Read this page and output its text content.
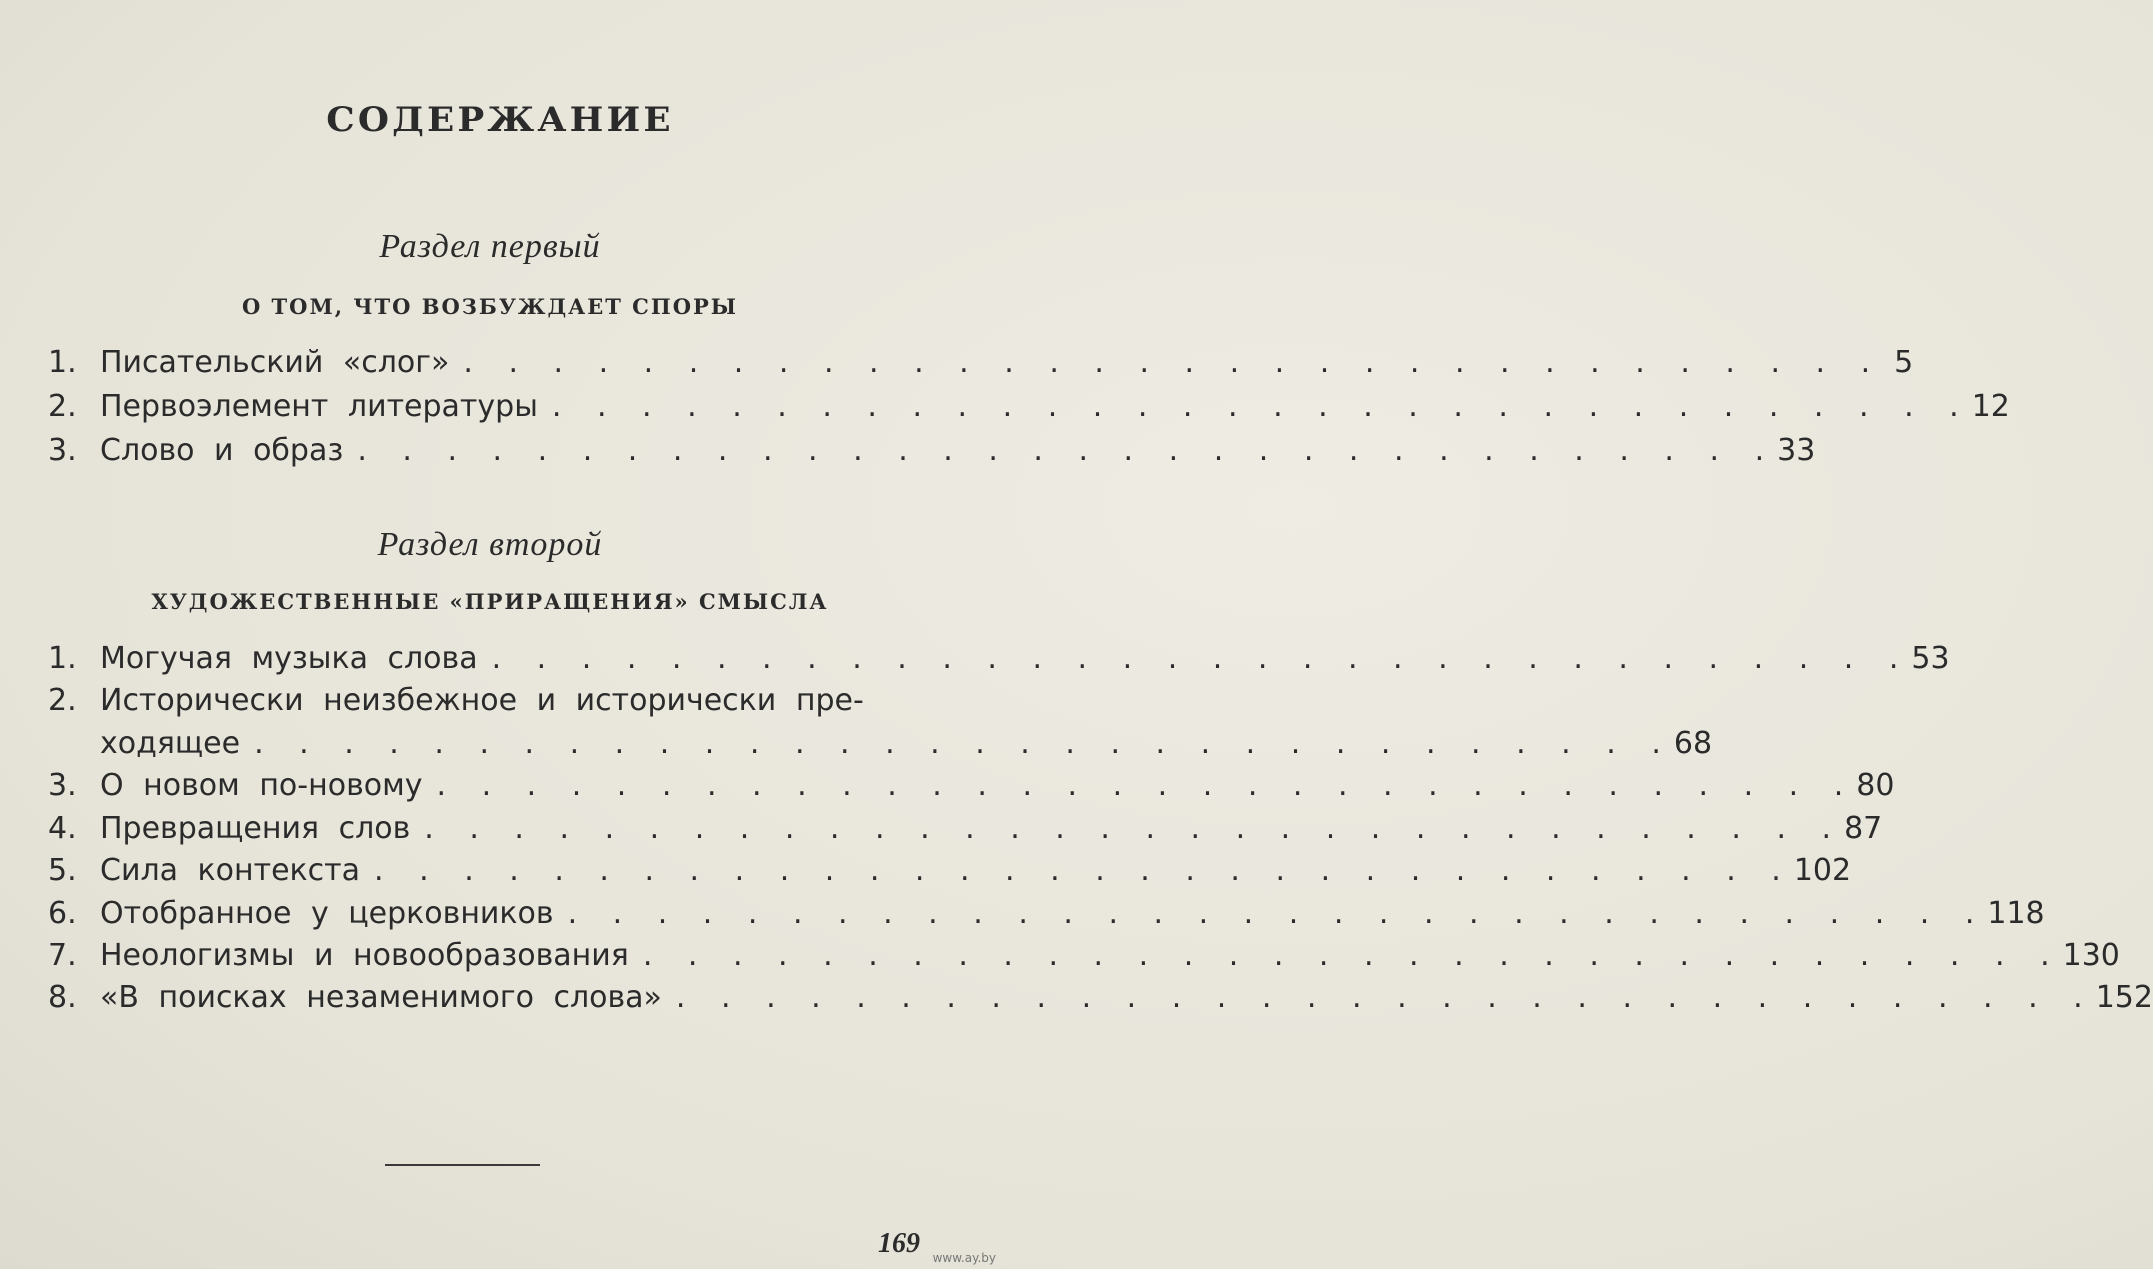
СОДЕРЖАНИЕ
Раздел первый
О ТОМ, ЧТО ВОЗБУЖДАЕТ СПОРЫ
1. Писательский «слог» . . . . . . . . . . . . . . . . . . . . . . . . . . . . . . . . 5
2. Первоэлемент литературы . . . . . . . . . . . . . . . . . . . . . . . . . . . . . . . . 12
3. Слово и образ . . . . . . . . . . . . . . . . . . . . . . . . . . . . . . . . 33
Раздел второй
ХУДОЖЕСТВЕННЫЕ «ПРИРАЩЕНИЯ» СМЫСЛА
1. Могучая музыка слова . . . . . . . . . . . . . . . . . . . . . . . . . . . . . . . . 53
2. Исторически неизбежное и исторически пре-
ходящее . . . . . . . . . . . . . . . . . . . . . . . . . . . . . . . . 68
3. О новом по-новому . . . . . . . . . . . . . . . . . . . . . . . . . . . . . . . . 80
4. Превращения слов . . . . . . . . . . . . . . . . . . . . . . . . . . . . . . . . 87
5. Сила контекста . . . . . . . . . . . . . . . . . . . . . . . . . . . . . . . . 102
6. Отобранное у церковников . . . . . . . . . . . . . . . . . . . . . . . . . . . . . . . . 118
7. Неологизмы и новообразования . . . . . . . . . . . . . . . . . . . . . . . . . . . . . . . . 130
8. «В поисках незаменимого слова» . . . . . . . . . . . . . . . . . . . . . . . . . . . . . . . . 152
169 www.ay.by
